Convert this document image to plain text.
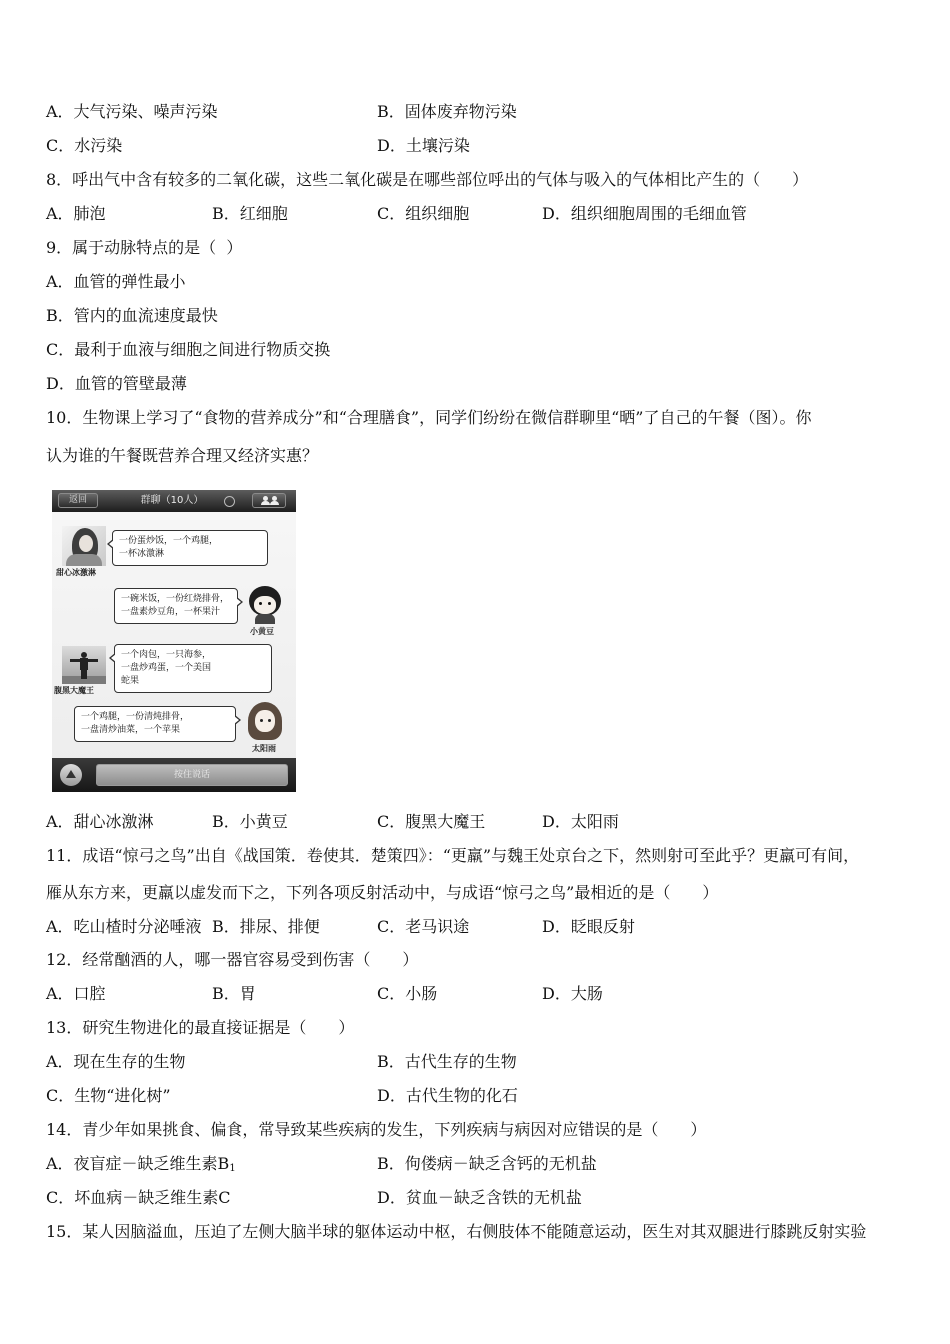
A．大气污染、噪声污染	B．固体废弃物污染
C．水污染	D．土壤污染
8．呼出气中含有较多的二氧化碳，这些二氧化碳是在哪些部位呼出的气体与吸入的气体相比产生的（　　）
A．肺泡	B．红细胞	C．组织细胞	D．组织细胞周围的毛细血管
9．属于动脉特点的是（  ）
A．血管的弹性最小
B．管内的血流速度最快
C．最利于血液与细胞之间进行物质交换
D．血管的管壁最薄
10．生物课上学习了“食物的营养成分”和“合理膳食”，同学们纷纷在微信群聊里“晒”了自己的午餐（图）。你
认为谁的午餐既营养合理又经济实惠？
返回	群聊（10人）
甜心冰激淋
一份蛋炒饭，一个鸡腿，
一杯冰激淋
一碗米饭，一份红烧排骨，
一盘素炒豆角，一杯果汁
小黄豆
腹黑大魔王
一个肉包，一只海参，
一盘炒鸡蛋，一个美国
蛇果
一个鸡腿，一份清炖排骨，
一盘清炒油菜，一个苹果
太阳雨
按住说话
A．甜心冰激淋	B．小黄豆	C．腹黑大魔王	D．太阳雨
11．成语“惊弓之鸟”出自《战国策．卷使其．楚策四》：“更羸”与魏王处京台之下，然则射可至此乎？更羸可有间，
雁从东方来，更羸以虚发而下之，下列各项反射活动中，与成语“惊弓之鸟”最相近的是（　　）
A．吃山楂时分泌唾液 B．排尿、排便	C．老马识途	D．眨眼反射
12．经常酗酒的人，哪一器官容易受到伤害（　　）
A．口腔	B．胃	C．小肠	D．大肠
13．研究生物进化的最直接证据是（　　）
A．现在生存的生物	B．古代生存的生物
C．生物“进化树”	D．古代生物的化石
14．青少年如果挑食、偏食，常导致某些疾病的发生，下列疾病与病因对应错误的是（　　）
A．夜盲症－缺乏维生素$B_1$	B．佝偻病－缺乏含钙的无机盐
C．坏血病－缺乏维生素C	D．贫血－缺乏含铁的无机盐
15．某人因脑溢血，压迫了左侧大脑半球的躯体运动中枢，右侧肢体不能随意运动，医生对其双腿进行膝跳反射实验
